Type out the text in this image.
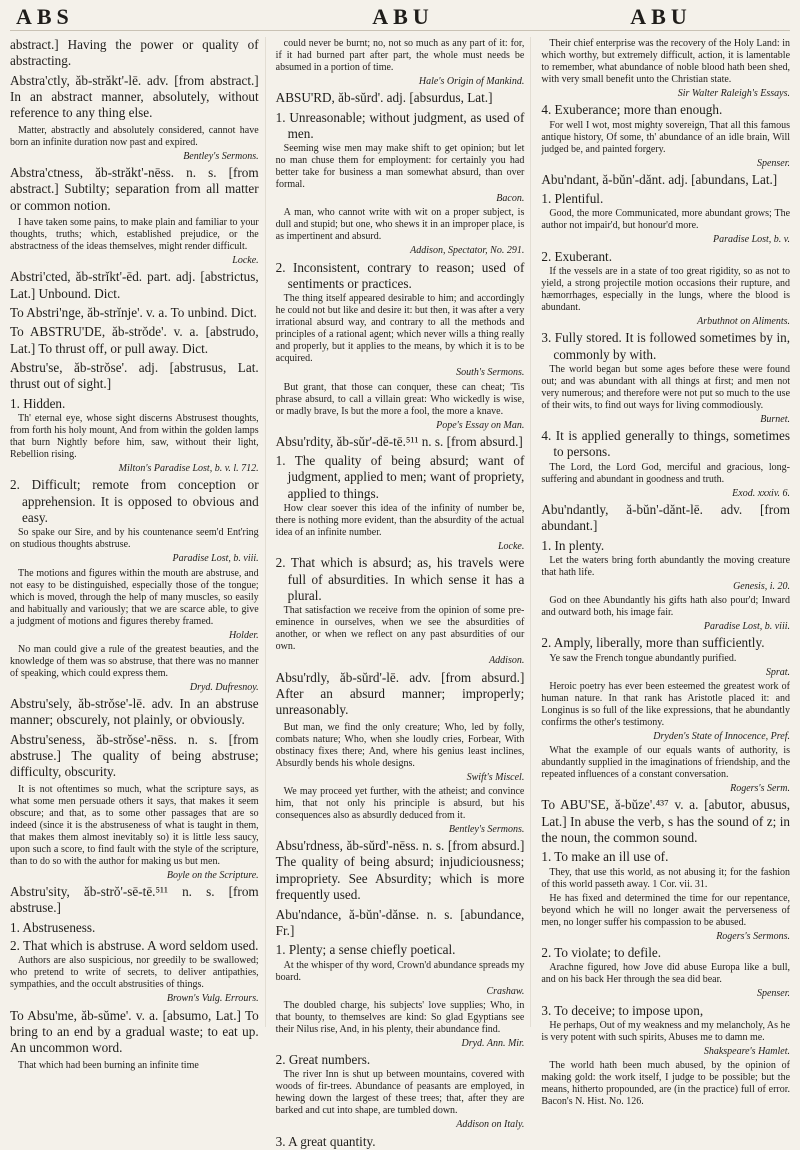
ABS	ABU	ABU

abstract.] Having the power or quality of abstracting.

Abstra'ctly, ăb-străkt'-lē. adv. [from abstract.] In an abstract manner, absolutely, without reference to any thing else.

Matter, abstractly and absolutely considered, cannot have born an infinite duration now past and expired.

Bentley's Sermons.

Abstra'ctness, ăb-străkt'-nēss. n. s. [from abstract.] Subtilty; separation from all matter or common notion.

I have taken some pains, to make plain and familiar to your thoughts, truths; which, established prejudice, or the abstractness of the ideas themselves, might render difficult.

Locke.

Abstri'cted, ăb-strĭkt'-ēd. part. adj. [abstrictus, Lat.] Unbound. Dict.

To Abstri'nge, ăb-strĭnje'. v. a. To unbind. Dict.

To ABSTRU'DE, ăb-strŏde'. v. a. [abstrudo, Lat.] To thrust off, or pull away. Dict.

Abstru'se, ăb-strŏse'. adj. [abstrusus, Lat. thrust out of sight.]

1. Hidden.

Th' eternal eye, whose sight discerns Abstrusest thoughts, from forth his holy mount, And from within the golden lamps that burn Nightly before him, saw, without their light, Rebellion rising.

Milton's Paradise Lost, b. v. l. 712.

2. Difficult; remote from conception or apprehension. It is opposed to obvious and easy.

So spake our Sire, and by his countenance seem'd Ent'ring on studious thoughts abstruse.

Paradise Lost, b. viii.

The motions and figures within the mouth are abstruse, and not easy to be distinguished, especially those of the tongue; which is moved, through the help of many muscles, so easily and habitually and variously; that we are scarce able, to give a judgment of motions and figures thereby framed.

Holder.

No man could give a rule of the greatest beauties, and the knowledge of them was so abstruse, that there was no manner of speaking, which could express them.

Dryd. Dufresnoy.

Abstru'sely, ăb-strŏse'-lē. adv. In an abstruse manner; obscurely, not plainly, or obviously.

Abstru'seness, ăb-strŏse'-nēss. n. s. [from abstruse.] The quality of being abstruse; difficulty, obscurity.

It is not oftentimes so much, what the scripture says, as what some men persuade others it says, that makes it seem obscure; and that, as to some other passages that are so indeed (since it is the abstruseness of what is taught in them, that makes them almost inevitably so) it is little less saucy, upon such a score, to find fault with the style of the scripture, than to do so with the author for making us but men.

Boyle on the Scripture.

Abstru'sity, ăb-strŏ'-sē-tē.⁵¹¹ n. s. [from abstruse.]

1. Abstruseness.

2. That which is abstruse. A word seldom used.

Authors are also suspicious, nor greedily to be swallowed; who pretend to write of secrets, to deliver antipathies, sympathies, and the occult abstrusities of things.

Brown's Vulg. Errours.

To Absu'me, ăb-sŭme'. v. a. [absumo, Lat.] To bring to an end by a gradual waste; to eat up. An uncommon word.

That which had been burning an infinite time

could never be burnt; no, not so much as any part of it: for, if it had burned part after part, the whole must needs be absumed in a portion of time.

Hale's Origin of Mankind.

ABSU'RD, ăb-sŭrd'. adj. [absurdus, Lat.]

1. Unreasonable; without judgment, as used of men.

Seeming wise men may make shift to get opinion; but let no man chuse them for employment: for certainly you had better take for business a man somewhat absurd, than over formal.

Bacon.

A man, who cannot write with wit on a proper subject, is dull and stupid; but one, who shews it in an improper place, is as impertinent and absurd.

Addison, Spectator, No. 291.

2. Inconsistent, contrary to reason; used of sentiments or practices.

The thing itself appeared desirable to him; and accordingly he could not but like and desire it: but then, it was after a very irrational absurd way, and contrary to all the methods and principles of a rational agent; which never wills a thing really and properly, but it applies to the means, by which it is to be acquired.

South's Sermons.

But grant, that those can conquer, these can cheat; 'Tis phrase absurd, to call a villain great: Who wickedly is wise, or madly brave, Is but the more a fool, the more a knave.

Pope's Essay on Man.

Absu'rdity, ăb-sŭr'-dē-tē.⁵¹¹ n. s. [from absurd.]

1. The quality of being absurd; want of judgment, applied to men; want of propriety, applied to things.

How clear soever this idea of the infinity of number be, there is nothing more evident, than the absurdity of the actual idea of an infinite number.

Locke.

2. That which is absurd; as, his travels were full of absurdities. In which sense it has a plural.

That satisfaction we receive from the opinion of some pre-eminence in ourselves, when we see the absurdities of another, or when we reflect on any past absurdities of our own.

Addison.

Absu'rdly, ăb-sŭrd'-lē. adv. [from absurd.] After an absurd manner; improperly; unreasonably.

But man, we find the only creature; Who, led by folly, combats nature; Who, when she loudly cries, Forbear, With obstinacy fixes there; And, where his genius least inclines, Absurdly bends his whole designs.

Swift's Miscel.

We may proceed yet further, with the atheist; and convince him, that not only his principle is absurd, but his consequences also as absurdly deduced from it.

Bentley's Sermons.

Absu'rdness, ăb-sŭrd'-nēss. n. s. [from absurd.] The quality of being absurd; injudiciousness; impropriety. See Absurdity; which is more frequently used.

Abu'ndance, ă-bŭn'-dănse. n. s. [abundance, Fr.]

1. Plenty; a sense chiefly poetical.

At the whisper of thy word, Crown'd abundance spreads my board.

Crashaw.

The doubled charge, his subjects' love supplies; Who, in that bounty, to themselves are kind: So glad Egyptians see their Nilus rise, And, in his plenty, their abundance find.

Dryd. Ann. Mir.

2. Great numbers.

The river Inn is shut up between mountains, covered with woods of fir-trees. Abundance of peasants are employed, in hewing down the largest of these trees; that, after they are barked and cut into shape, are tumbled down.

Addison on Italy.

3. A great quantity.

Their chief enterprise was the recovery of the Holy Land: in which worthy, but extremely difficult, action, it is lamentable to remember, what abundance of noble blood hath been shed, with very small benefit unto the Christian state.

Sir Walter Raleigh's Essays.

4. Exuberance; more than enough.

For well I wot, most mighty sovereign, That all this famous antique history, Of some, th' abundance of an idle brain, Will judged be, and painted forgery.

Spenser.

Abu'ndant, ă-bŭn'-dănt. adj. [abundans, Lat.]

1. Plentiful.

Good, the more Communicated, more abundant grows; The author not impair'd, but honour'd more.

Paradise Lost, b. v.

2. Exuberant.

If the vessels are in a state of too great rigidity, so as not to yield, a strong projectile motion occasions their rupture, and hæmorrhages, especially in the lungs, where the blood is abundant.

Arbuthnot on Aliments.

3. Fully stored. It is followed sometimes by in, commonly by with.

The world began but some ages before these were found out; and was abundant with all things at first; and men not very numerous; and therefore were not put so much to the use of their wits, to find out ways for living commodiously.

Burnet.

4. It is applied generally to things, sometimes to persons.

The Lord, the Lord God, merciful and gracious, long-suffering and abundant in goodness and truth.

Exod. xxxiv. 6.

Abu'ndantly, ă-bŭn'-dănt-lē. adv. [from abundant.]

1. In plenty.

Let the waters bring forth abundantly the moving creature that hath life.

Genesis, i. 20.

God on thee Abundantly his gifts hath also pour'd; Inward and outward both, his image fair.

Paradise Lost, b. viii.

2. Amply, liberally, more than sufficiently.

Ye saw the French tongue abundantly purified.

Sprat.

Heroic poetry has ever been esteemed the greatest work of human nature. In that rank has Aristotle placed it: and Longinus is so full of the like expressions, that he abundantly confirms the other's testimony.

Dryden's State of Innocence, Pref.

What the example of our equals wants of authority, is abundantly supplied in the imaginations of friendship, and the repeated influences of a constant conversation.

Rogers's Serm.

To ABU'SE, ă-bŭze'.⁴³⁷ v. a. [abutor, abusus, Lat.] In abuse the verb, s has the sound of z; in the noun, the common sound.

1. To make an ill use of.

They, that use this world, as not abusing it; for the fashion of this world passeth away. 1 Cor. vii. 31.

He has fixed and determined the time for our repentance, beyond which he will no longer await the perverseness of men, no longer suffer his compassion to be abused.

Rogers's Sermons.

2. To violate; to defile.

Arachne figured, how Jove did abuse Europa like a bull, and on his back Her through the sea did bear.

Spenser.

3. To deceive; to impose upon,

He perhaps, Out of my weakness and my melancholy, As he is very potent with such spirits, Abuses me to damn me.

Shakspeare's Hamlet.

The world hath been much abused, by the opinion of making gold: the work itself, I judge to be possible; but the means, hitherto propounded, are (in the practice) full of error. Bacon's N. Hist. No. 126.
